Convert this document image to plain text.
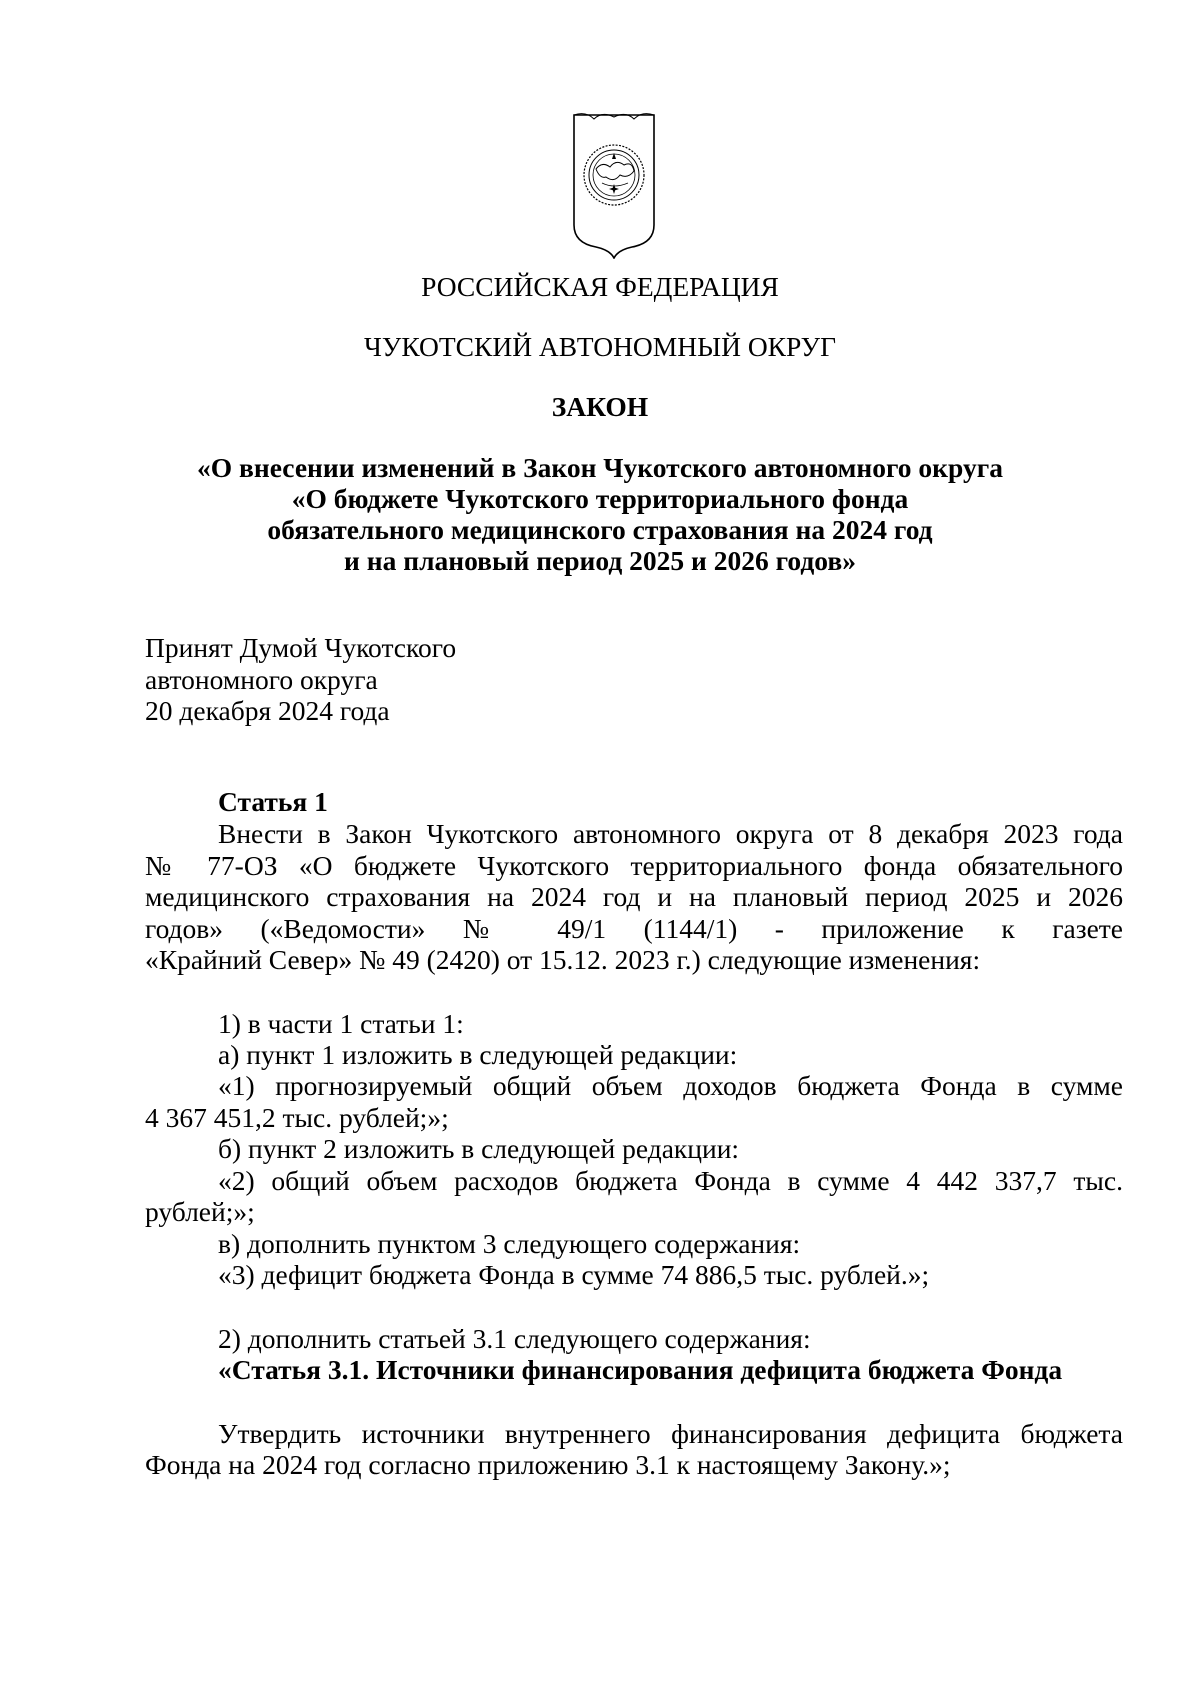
РОССИЙСКАЯ ФЕДЕРАЦИЯ
ЧУКОТСКИЙ АВТОНОМНЫЙ ОКРУГ
ЗАКОН
«О внесении изменений в Закон Чукотского автономного округа
«О бюджете Чукотского территориального фонда
обязательного медицинского страхования на 2024 год
и на плановый период 2025 и 2026 годов»
Принят Думой Чукотского
автономного округа
20 декабря 2024 года
Статья 1
Внести в Закон Чукотского автономного округа от 8 декабря 2023 года
№ 77-ОЗ «О бюджете Чукотского территориального фонда обязательного
медицинского страхования на 2024 год и на плановый период 2025 и 2026
годов» («Ведомости» № 49/1 (1144/1) - приложение к газете
«Крайний Север» № 49 (2420) от 15.12. 2023 г.) следующие изменения:
1) в части 1 статьи 1:
а) пункт 1 изложить в следующей редакции:
«1) прогнозируемый общий объем доходов бюджета Фонда в сумме
4 367 451,2 тыс. рублей;»;
б) пункт 2 изложить в следующей редакции:
«2) общий объем расходов бюджета Фонда в сумме 4 442 337,7 тыс.
рублей;»;
в) дополнить пунктом 3 следующего содержания:
«3) дефицит бюджета Фонда в сумме 74 886,5 тыс. рублей.»;
2) дополнить статьей 3.1 следующего содержания:
«Статья 3.1. Источники финансирования дефицита бюджета Фонда
Утвердить источники внутреннего финансирования дефицита бюджета
Фонда на 2024 год согласно приложению 3.1 к настоящему Закону.»;
